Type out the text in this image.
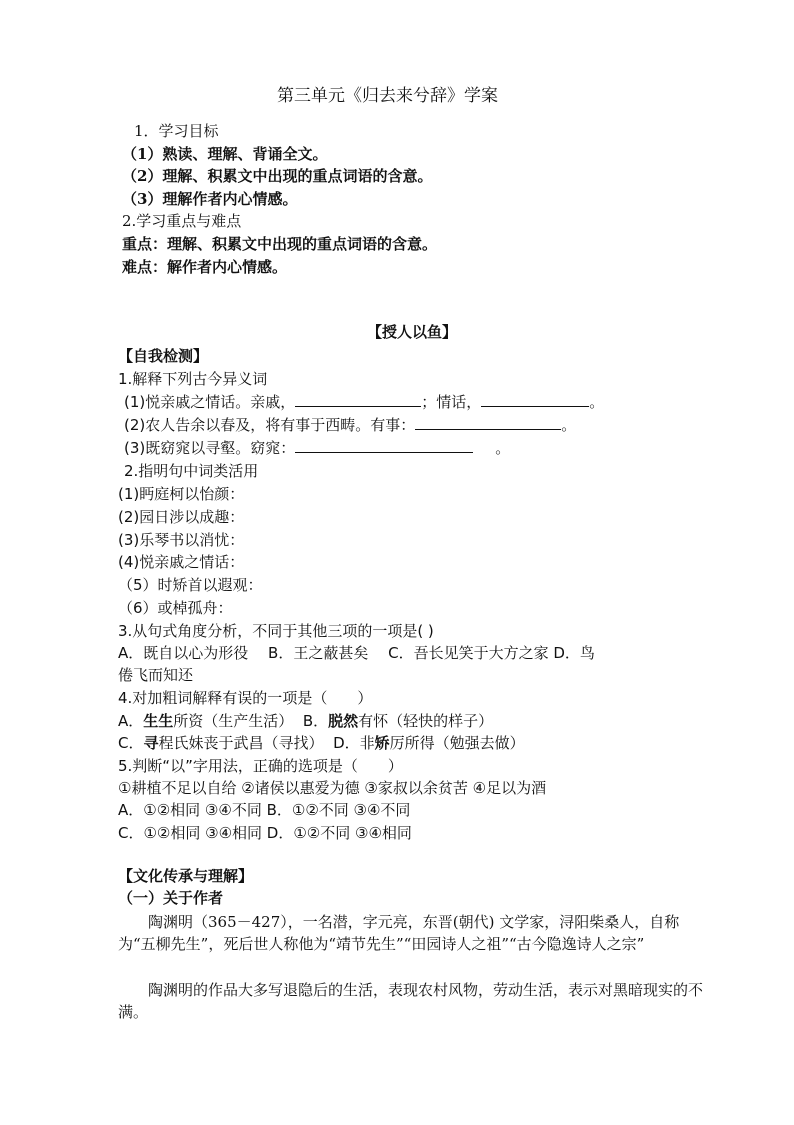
第三单元《归去来兮辞》学案
1．学习目标
（1）熟读、理解、背诵全文。
（2）理解、积累文中出现的重点词语的含意。
（3）理解作者内心情感。
2.学习重点与难点
重点：理解、积累文中出现的重点词语的含意。
难点：解作者内心情感。
【授人以鱼】
【自我检测】
1.解释下列古今异义词
(1)悦亲戚之情话。亲戚，	；情话，	。
(2)农人告余以春及，将有事于西畴。有事：	。
(3)既窈窕以寻壑。窈窕：	。
2.指明句中词类活用
(1)眄庭柯以怡颜：
(2)园日涉以成趣：
(3)乐琴书以消忧：
(4)悦亲戚之情话：
（5）时矫首以遐观：
（6）或棹孤舟：
3.从句式角度分析，不同于其他三项的一项是( )
A．既自以心为形役　 B．王之蔽甚矣　 C．吾长见笑于大方之家 D．鸟
倦飞而知还
4.对加粗词解释有误的一项是（　　）
A．生生所资（生产生活） B．脱然有怀（轻快的样子）
C．寻程氏妹丧于武昌（寻找） D．非矫厉所得（勉强去做）
5.判断“以”字用法，正确的选项是（　　）
①耕植不足以自给 ②诸侯以惠爱为德 ③家叔以余贫苦 ④足以为酒
A．①②相同 ③④不同 B．①②不同 ③④不同
C．①②相同 ③④相同 D．①②不同 ③④相同
【文化传承与理解】
（一）关于作者
陶渊明（365－427），一名潜，字元亮，东晋(朝代) 文学家，浔阳柴桑人，自称为“五柳先生”，死后世人称他为“靖节先生”“田园诗人之祖”“古今隐逸诗人之宗”
陶渊明的作品大多写退隐后的生活，表现农村风物，劳动生活，表示对黑暗现实的不满。
